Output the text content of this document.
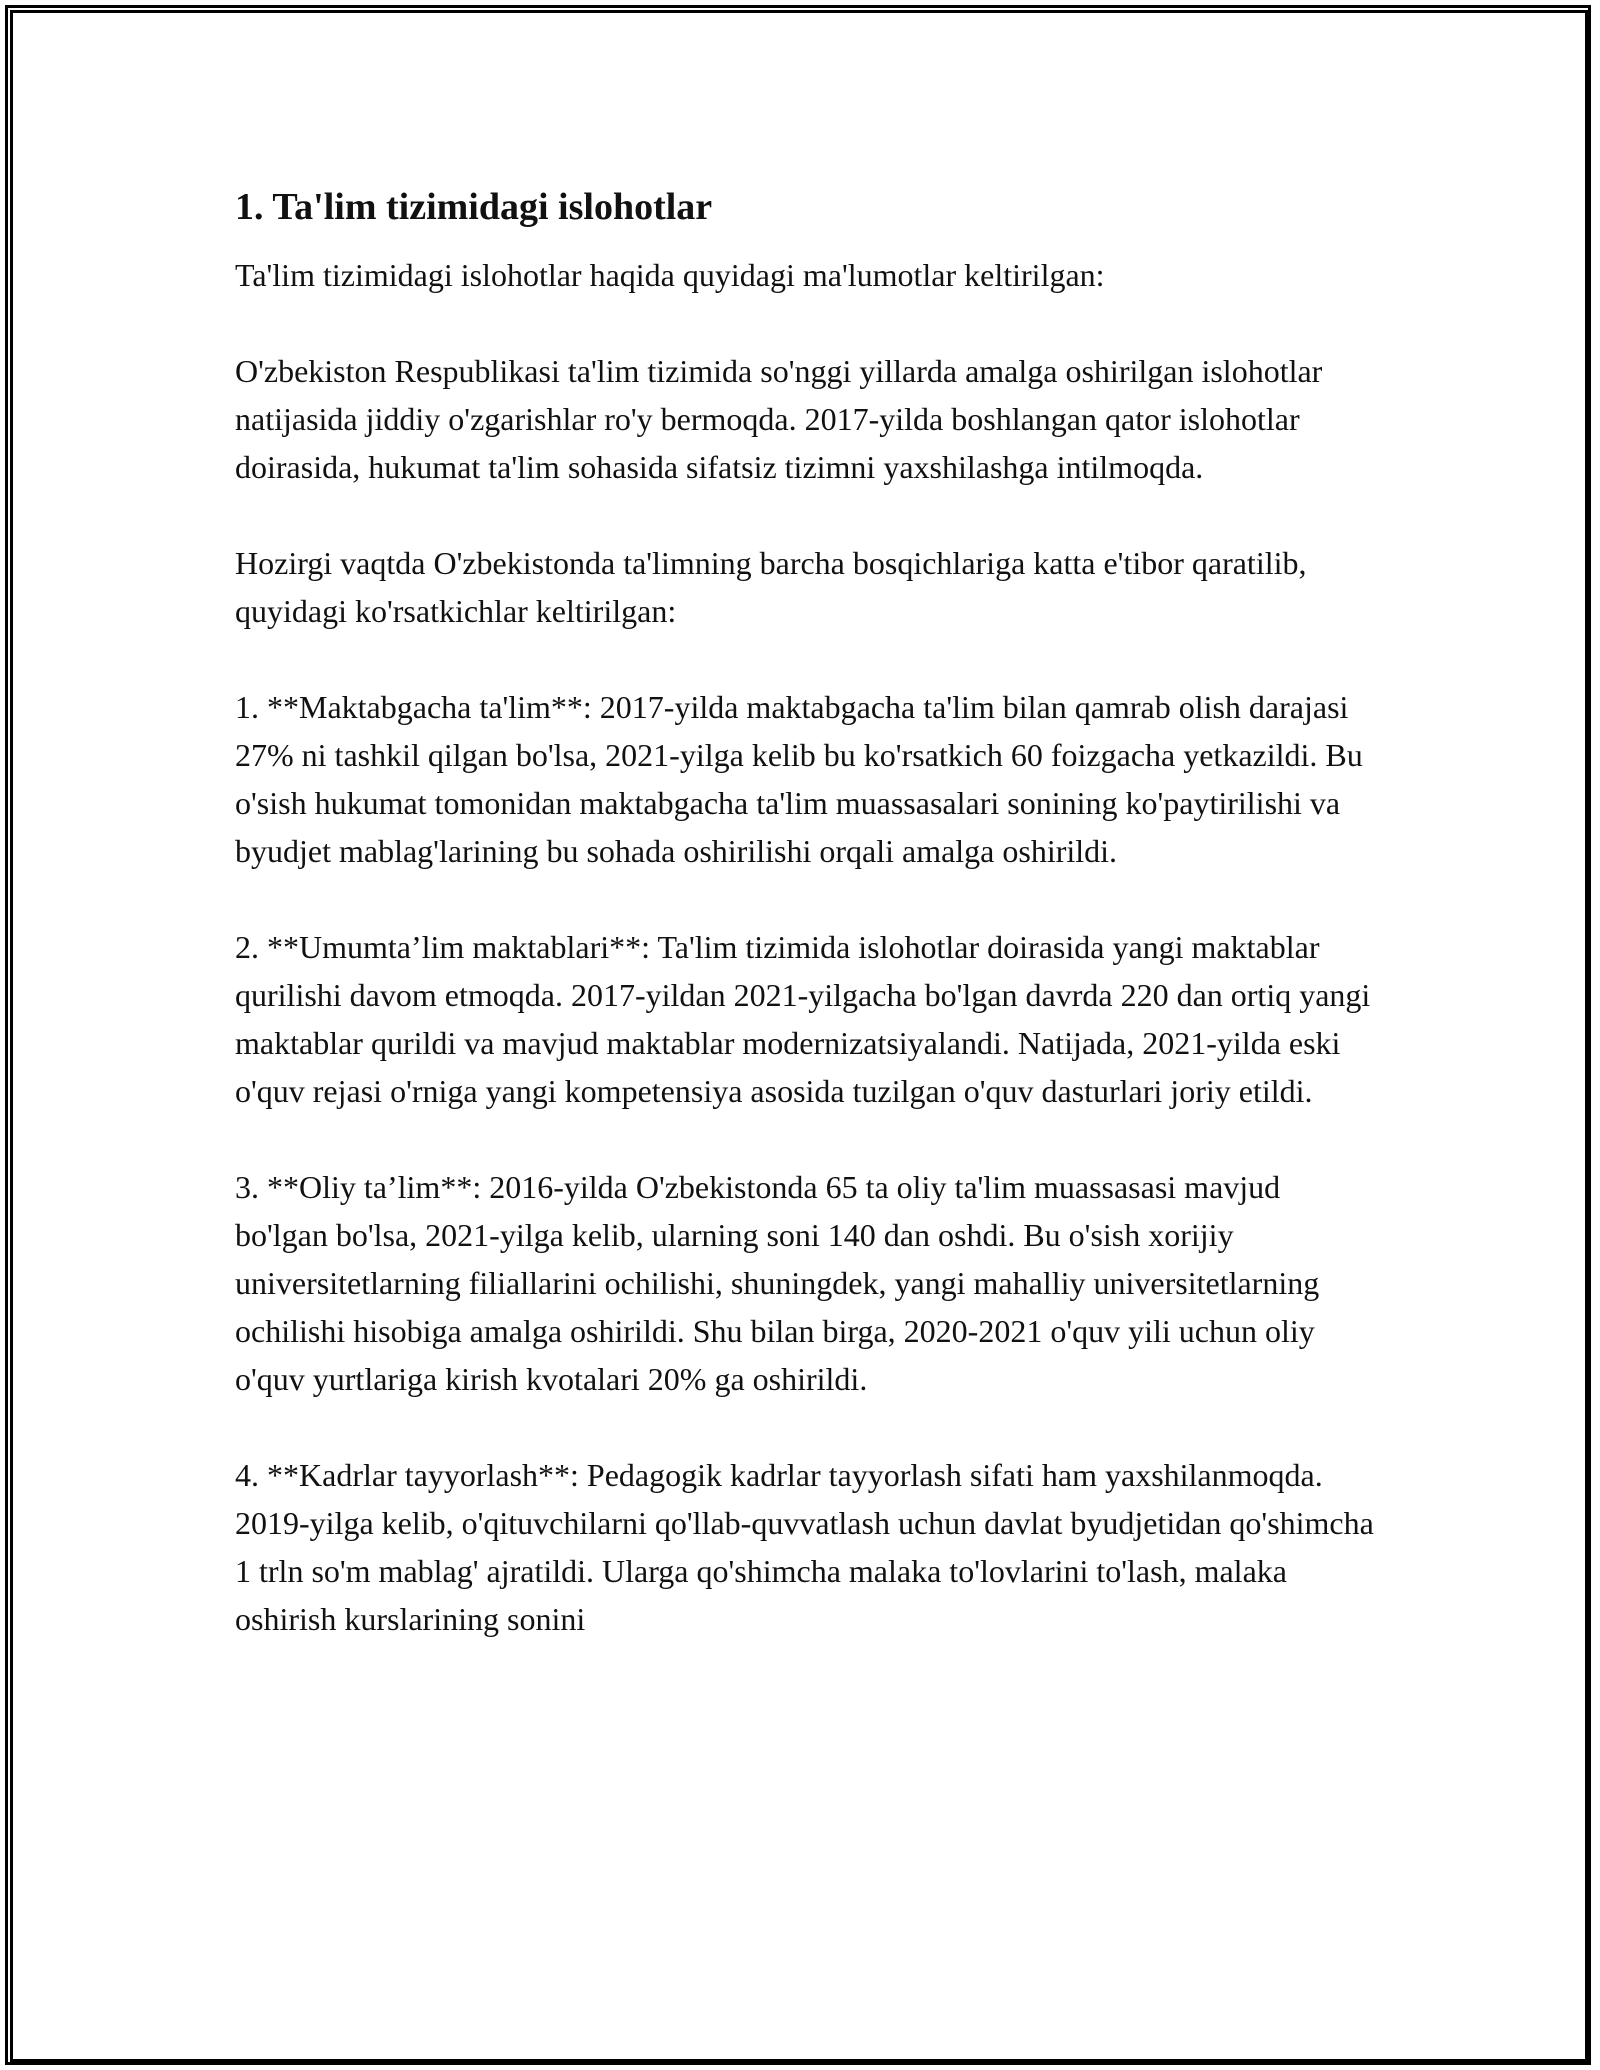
1. Ta'lim tizimidagi islohotlar

Ta'lim tizimidagi islohotlar haqida quyidagi ma'lumotlar keltirilgan:

O'zbekiston Respublikasi ta'lim tizimida so'nggi yillarda amalga oshirilgan islohotlar natijasida jiddiy o'zgarishlar ro'y bermoqda. 2017-yilda boshlangan qator islohotlar doirasida, hukumat ta'lim sohasida sifatsiz tizimni yaxshilashga intilmoqda.

Hozirgi vaqtda O'zbekistonda ta'limning barcha bosqichlariga katta e'tibor qaratilib, quyidagi ko'rsatkichlar keltirilgan:

1. **Maktabgacha ta'lim**: 2017-yilda maktabgacha ta'lim bilan qamrab olish darajasi 27% ni tashkil qilgan bo'lsa, 2021-yilga kelib bu ko'rsatkich 60 foizgacha yetkazildi. Bu o'sish hukumat tomonidan maktabgacha ta'lim muassasalari sonining ko'paytirilishi va byudjet mablag'larining bu sohada oshirilishi orqali amalga oshirildi.

2. **Umumta’lim maktablari**: Ta'lim tizimida islohotlar doirasida yangi maktablar qurilishi davom etmoqda. 2017-yildan 2021-yilgacha bo'lgan davrda 220 dan ortiq yangi maktablar qurildi va mavjud maktablar modernizatsiyalandi. Natijada, 2021-yilda eski o'quv rejasi o'rniga yangi kompetensiya asosida tuzilgan o'quv dasturlari joriy etildi.

3. **Oliy ta’lim**: 2016-yilda O'zbekistonda 65 ta oliy ta'lim muassasasi mavjud bo'lgan bo'lsa, 2021-yilga kelib, ularning soni 140 dan oshdi. Bu o'sish xorijiy universitetlarning filiallarini ochilishi, shuningdek, yangi mahalliy universitetlarning ochilishi hisobiga amalga oshirildi. Shu bilan birga, 2020-2021 o'quv yili uchun oliy o'quv yurtlariga kirish kvotalari 20% ga oshirildi.

4. **Kadrlar tayyorlash**: Pedagogik kadrlar tayyorlash sifati ham yaxshilanmoqda. 2019-yilga kelib, o'qituvchilarni qo'llab-quvvatlash uchun davlat byudjetidan qo'shimcha 1 trln so'm mablag' ajratildi. Ularga qo'shimcha malaka to'lovlarini to'lash, malaka oshirish kurslarining sonini
